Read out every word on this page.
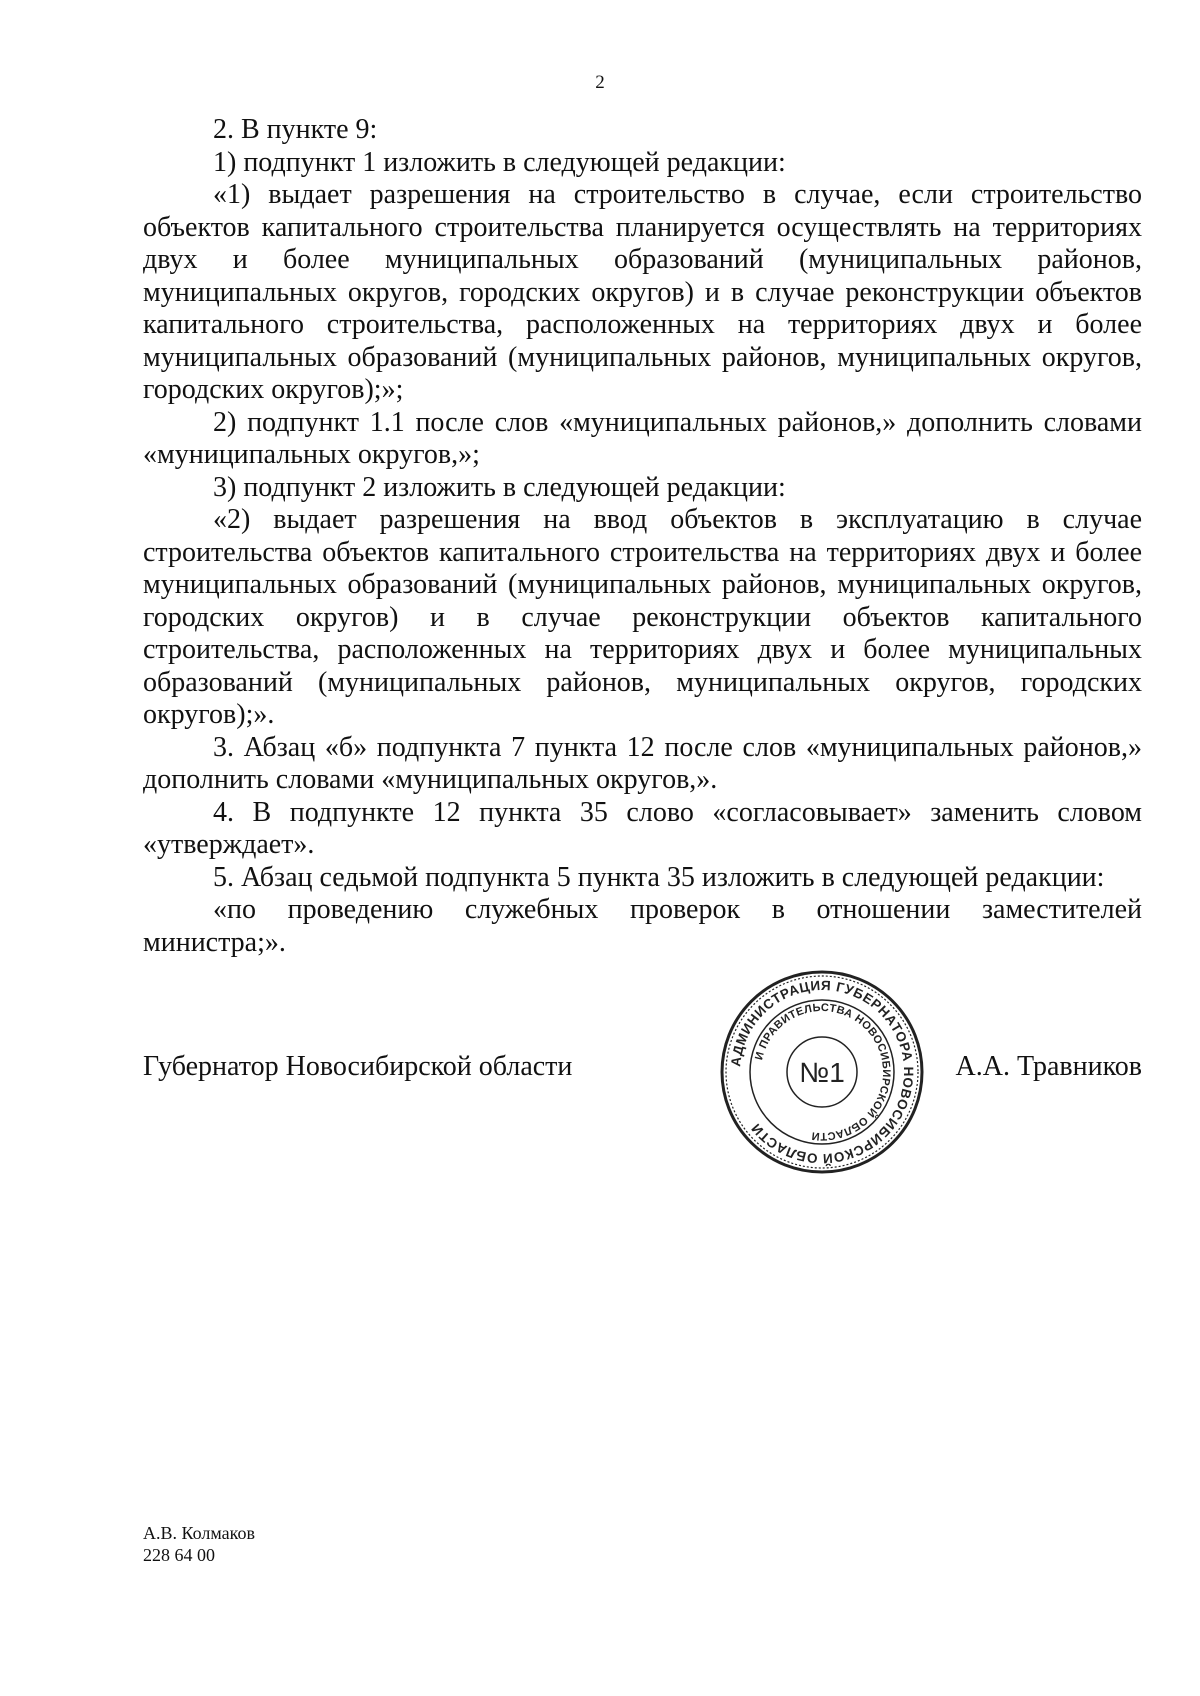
2

2. В пункте 9:

1) подпункт 1 изложить в следующей редакции:

«1) выдает разрешения на строительство в случае, если строительство объектов капитального строительства планируется осуществлять на территориях двух и более муниципальных образований (муниципальных районов, муниципальных округов, городских округов) и в случае реконструкции объектов капитального строительства, расположенных на территориях двух и более муниципальных образований (муниципальных районов, муниципальных округов, городских округов);»;

2) подпункт 1.1 после слов «муниципальных районов,» дополнить словами «муниципальных округов,»;

3) подпункт 2 изложить в следующей редакции:

«2) выдает разрешения на ввод объектов в эксплуатацию в случае строительства объектов капитального строительства на территориях двух и более муниципальных образований (муниципальных районов, муниципальных округов, городских округов) и в случае реконструкции объектов капитального строительства, расположенных на территориях двух и более муниципальных образований (муниципальных районов, муниципальных округов, городских округов);».

3. Абзац «б» подпункта 7 пункта 12 после слов «муниципальных районов,» дополнить словами «муниципальных округов,».

4. В подпункте 12 пункта 35 слово «согласовывает» заменить словом «утверждает».

5. Абзац седьмой подпункта 5 пункта 35 изложить в следующей редакции:

«по проведению служебных проверок в отношении заместителей министра;».

Губернатор Новосибирской области	А.А. Травников
АДМИНИСТРАЦИЯ ГУБЕРНАТОРА НОВОСИБИРСКОЙ ОБЛАСТИ
И ПРАВИТЕЛЬСТВА НОВОСИБИРСКОЙ ОБЛАСТИ
№1
А.В. Колмаков
228 64 00
